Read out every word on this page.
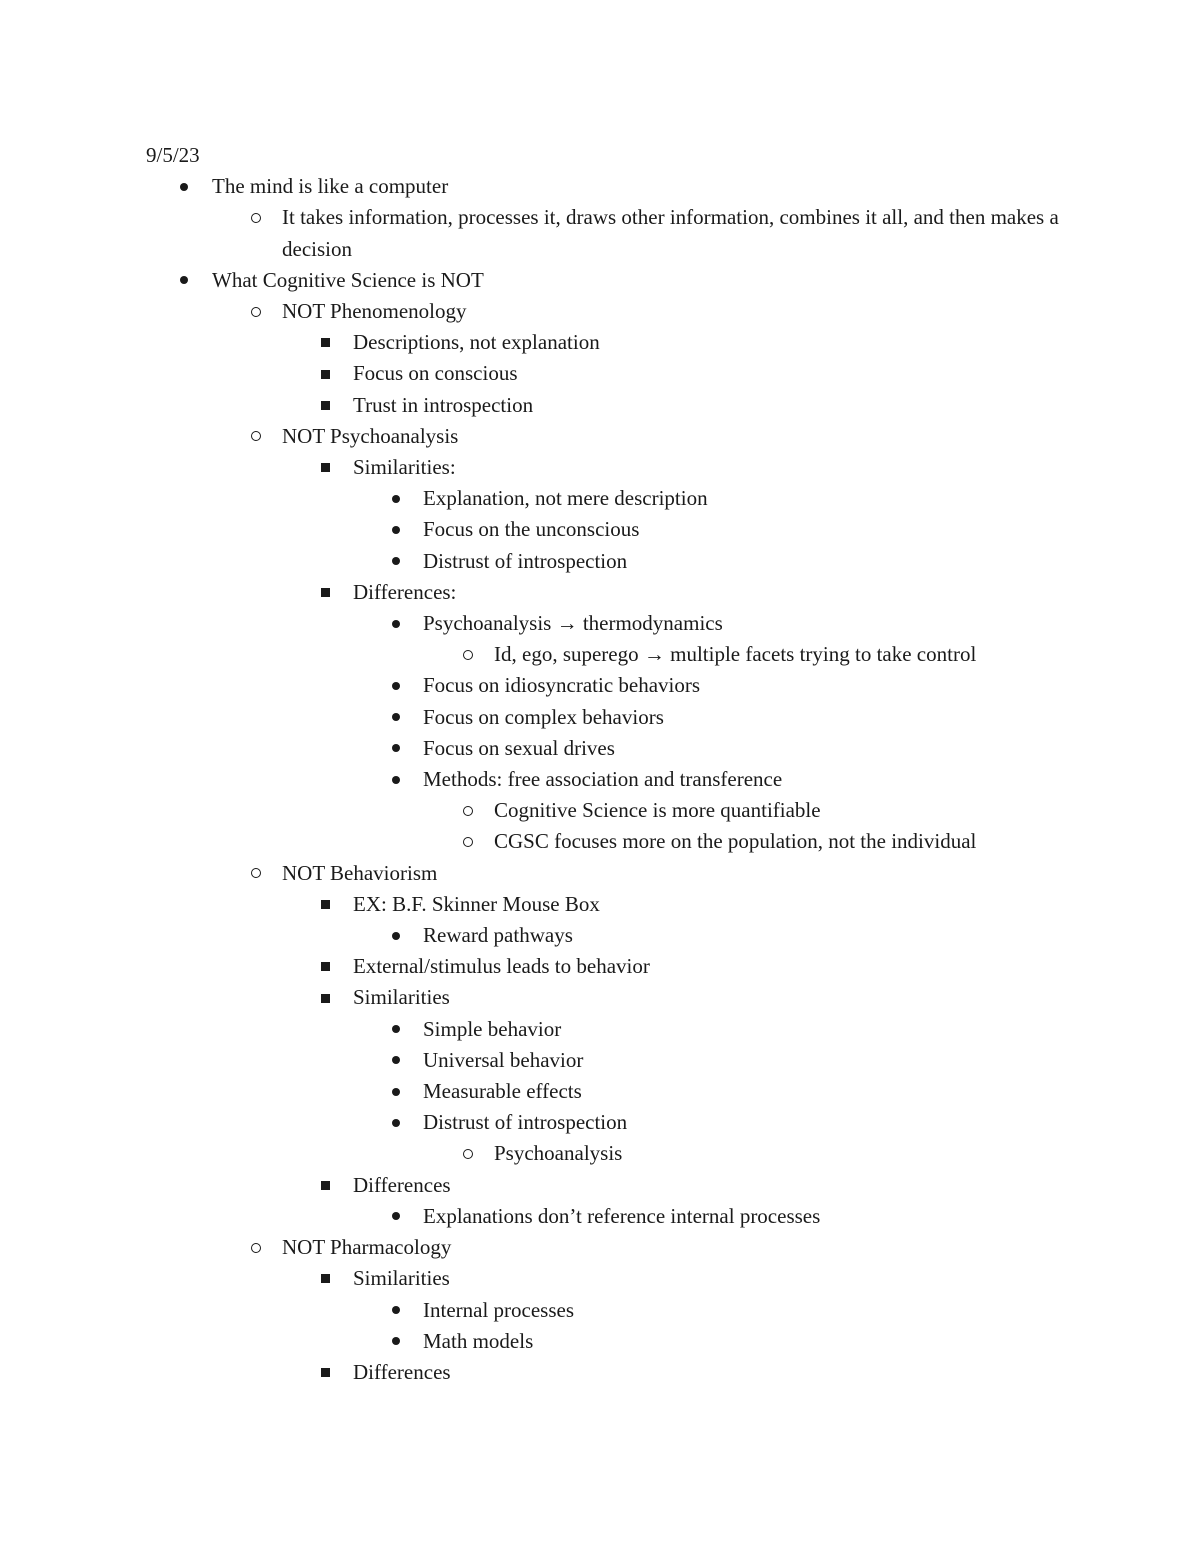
9/5/23
The mind is like a computer
It takes information, processes it, draws other information, combines it all, and then makes a decision
What Cognitive Science is NOT
NOT Phenomenology
Descriptions, not explanation
Focus on conscious
Trust in introspection
NOT Psychoanalysis
Similarities:
Explanation, not mere description
Focus on the unconscious
Distrust of introspection
Differences:
Psychoanalysis → thermodynamics
Id, ego, superego → multiple facets trying to take control
Focus on idiosyncratic behaviors
Focus on complex behaviors
Focus on sexual drives
Methods: free association and transference
Cognitive Science is more quantifiable
CGSC focuses more on the population, not the individual
NOT Behaviorism
EX: B.F. Skinner Mouse Box
Reward pathways
External/stimulus leads to behavior
Similarities
Simple behavior
Universal behavior
Measurable effects
Distrust of introspection
Psychoanalysis
Differences
Explanations don’t reference internal processes
NOT Pharmacology
Similarities
Internal processes
Math models
Differences
